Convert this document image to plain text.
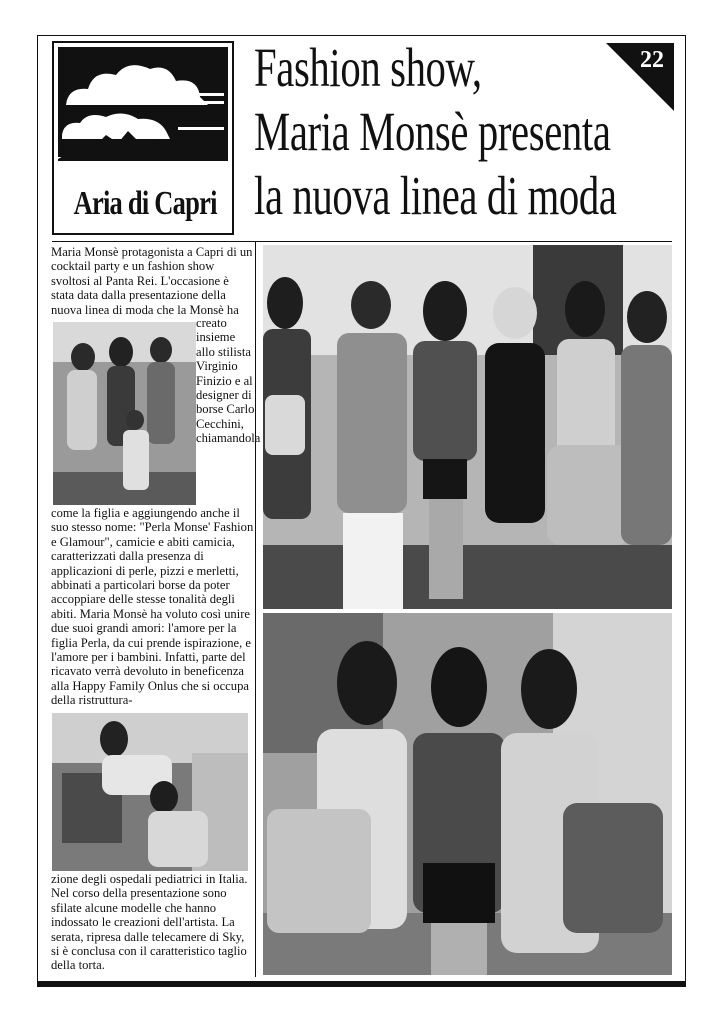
Aria di Capri
Fashion show,
Maria Monsè presenta
la nuova linea di moda
22
Maria Monsè protagonista a Capri di un cocktail party e un fashion show svoltosi al Panta Rei. L'occasione è stata data dalla presentazione della nuova linea di moda che la Monsè ha
creato insieme allo stilista Virginio Finizio e al designer di borse Carlo Cecchini, chiamandola
come la figlia e aggiungendo anche il suo stesso nome: "Perla Monse' Fashion e Glamour", camicie e abiti camicia, caratterizzati dalla presenza di applicazioni di perle, pizzi e merletti, abbinati a particolari borse da poter accoppiare delle stesse tonalità degli abiti. Maria Monsè ha voluto così unire due suoi grandi amori: l'amore per la figlia Perla, da cui prende ispirazione, e l'amore per i bambini. Infatti, parte del ricavato verrà devoluto in beneficenza alla Happy Family Onlus che si occupa della ristruttura-
zione degli ospedali pediatrici in Italia. Nel corso della presentazione sono sfilate alcune modelle che hanno indossato le creazioni dell'artista. La serata, ripresa dalle telecamere di Sky, si è conclusa con il caratteristico taglio della torta.
